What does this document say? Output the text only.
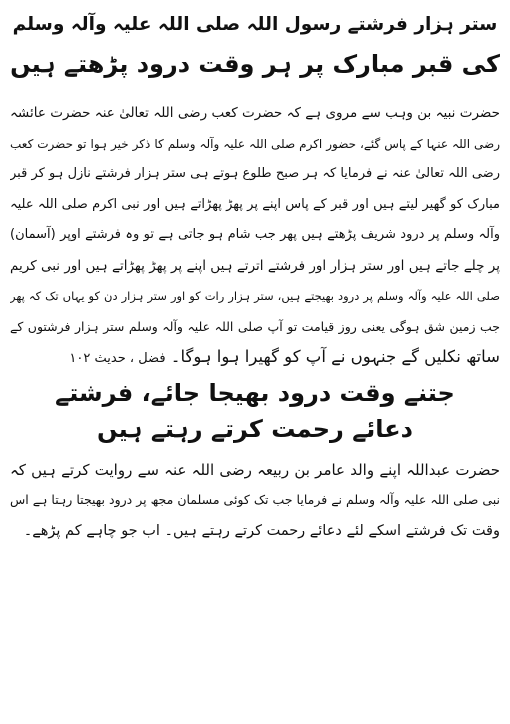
ستر ہزار فرشتے رسول اللہ صلی اللہ علیہ وآلہ وسلم
کی قبر مبارک پر ہر وقت درود پڑھتے ہیں
حضرت نبیہ بن وہب سے مروی ہے کہ حضرت کعب رضی اللہ تعالیٰ عنہ حضرت عائشہ
رضی اللہ عنہا کے پاس گئے، حضور اکرم صلی اللہ علیہ وآلہ وسلم کا ذکر خیر ہوا تو حضرت کعب
رضی اللہ تعالیٰ عنہ نے فرمایا کہ ہر صبح طلوع ہوتے ہی ستر ہزار فرشتے نازل ہو کر قبر
مبارک کو گھیر لیتے ہیں اور قبر کے پاس اپنے پر پھڑ پھڑاتے ہیں اور نبی اکرم صلی اللہ علیہ
وآلہ وسلم پر درود شریف پڑھتے ہیں پھر جب شام ہو جاتی ہے تو وہ فرشتے اوپر (آسمان)
پر چلے جاتے ہیں اور ستر ہزار اور فرشتے اترتے ہیں اپنے پر پھڑ پھڑاتے ہیں اور نبی کریم
صلی اللہ علیہ وآلہ وسلم پر درود بھیجتے ہیں، ستر ہزار رات کو اور ستر ہزار دن کو یہاں تک کہ پھر
جب زمین شق ہوگی یعنی روز قیامت تو آپ صلی اللہ علیہ وآلہ وسلم ستر ہزار فرشتوں کے
ساتھ نکلیں گے جنہوں نے آپ کو گھیرا ہوا ہوگا۔ فضل ، حدیث ۱۰۲
جتنے وقت درود بھیجا جائے، فرشتے
دعائے رحمت کرتے رہتے ہیں
حضرت عبداللہ اپنے والد عامر بن ربیعہ رضی اللہ عنہ سے روایت کرتے ہیں کہ
نبی صلی اللہ علیہ وآلہ وسلم نے فرمایا جب تک کوئی مسلمان مجھ پر درود بھیجتا رہتا ہے اس
وقت تک فرشتے اسکے لئے دعائے رحمت کرتے رہتے ہیں۔ اب جو چاہے کم پڑھے۔
